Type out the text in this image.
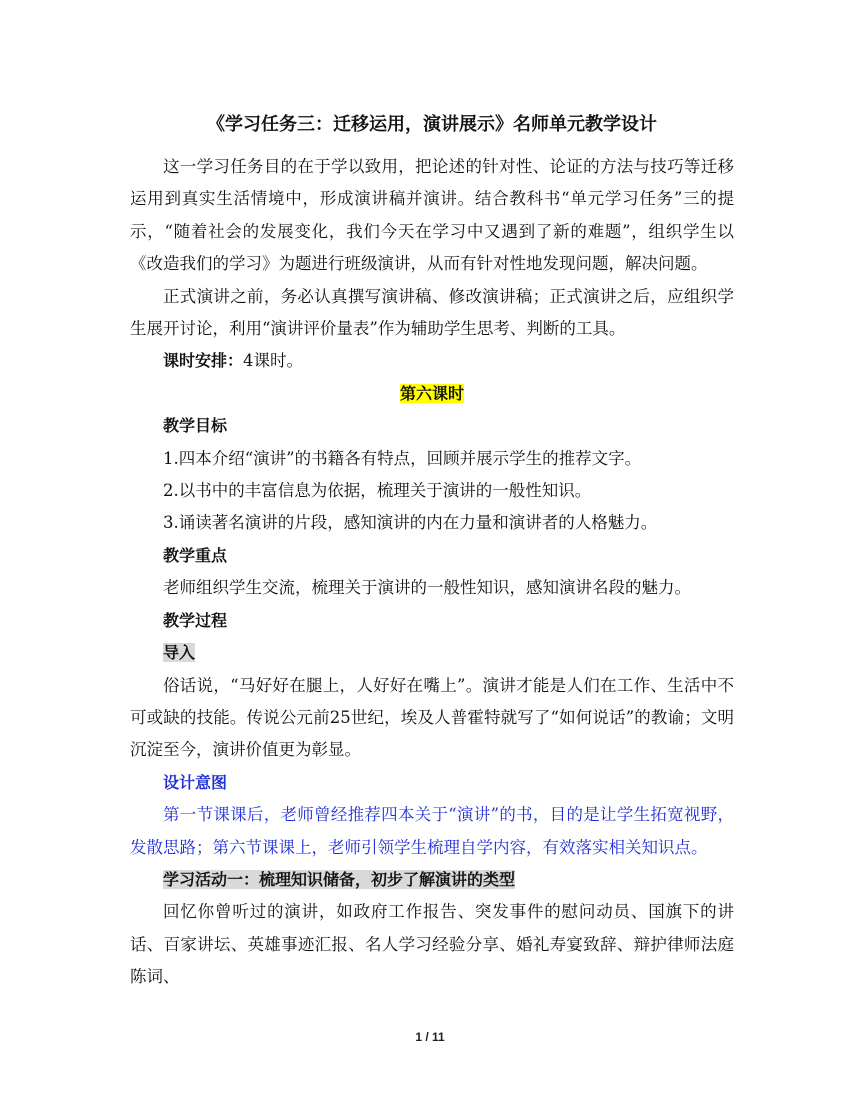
《学习任务三：迁移运用，演讲展示》名师单元教学设计

这一学习任务目的在于学以致用，把论述的针对性、论证的方法与技巧等迁移运用到真实生活情境中，形成演讲稿并演讲。结合教科书“单元学习任务”三的提示，“随着社会的发展变化，我们今天在学习中又遇到了新的难题”，组织学生以《改造我们的学习》为题进行班级演讲，从而有针对性地发现问题，解决问题。

正式演讲之前，务必认真撰写演讲稿、修改演讲稿；正式演讲之后，应组织学生展开讨论，利用“演讲评价量表”作为辅助学生思考、判断的工具。

课时安排：4课时。

第六课时
教学目标

1.四本介绍“演讲”的书籍各有特点，回顾并展示学生的推荐文字。

2.以书中的丰富信息为依据，梳理关于演讲的一般性知识。

3.诵读著名演讲的片段，感知演讲的内在力量和演讲者的人格魅力。

教学重点

老师组织学生交流，梳理关于演讲的一般性知识，感知演讲名段的魅力。

教学过程
导入

俗话说，“马好好在腿上，人好好在嘴上”。演讲才能是人们在工作、生活中不可或缺的技能。传说公元前25世纪，埃及人普霍特就写了“如何说话”的教谕；文明沉淀至今，演讲价值更为彰显。

设计意图

第一节课课后，老师曾经推荐四本关于“演讲”的书，目的是让学生拓宽视野，发散思路；第六节课课上，老师引领学生梳理自学内容，有效落实相关知识点。

学习活动一：梳理知识储备，初步了解演讲的类型

回忆你曾听过的演讲，如政府工作报告、突发事件的慰问动员、国旗下的讲话、百家讲坛、英雄事迹汇报、名人学习经验分享、婚礼寿宴致辞、辩护律师法庭陈词、

1 / 11
